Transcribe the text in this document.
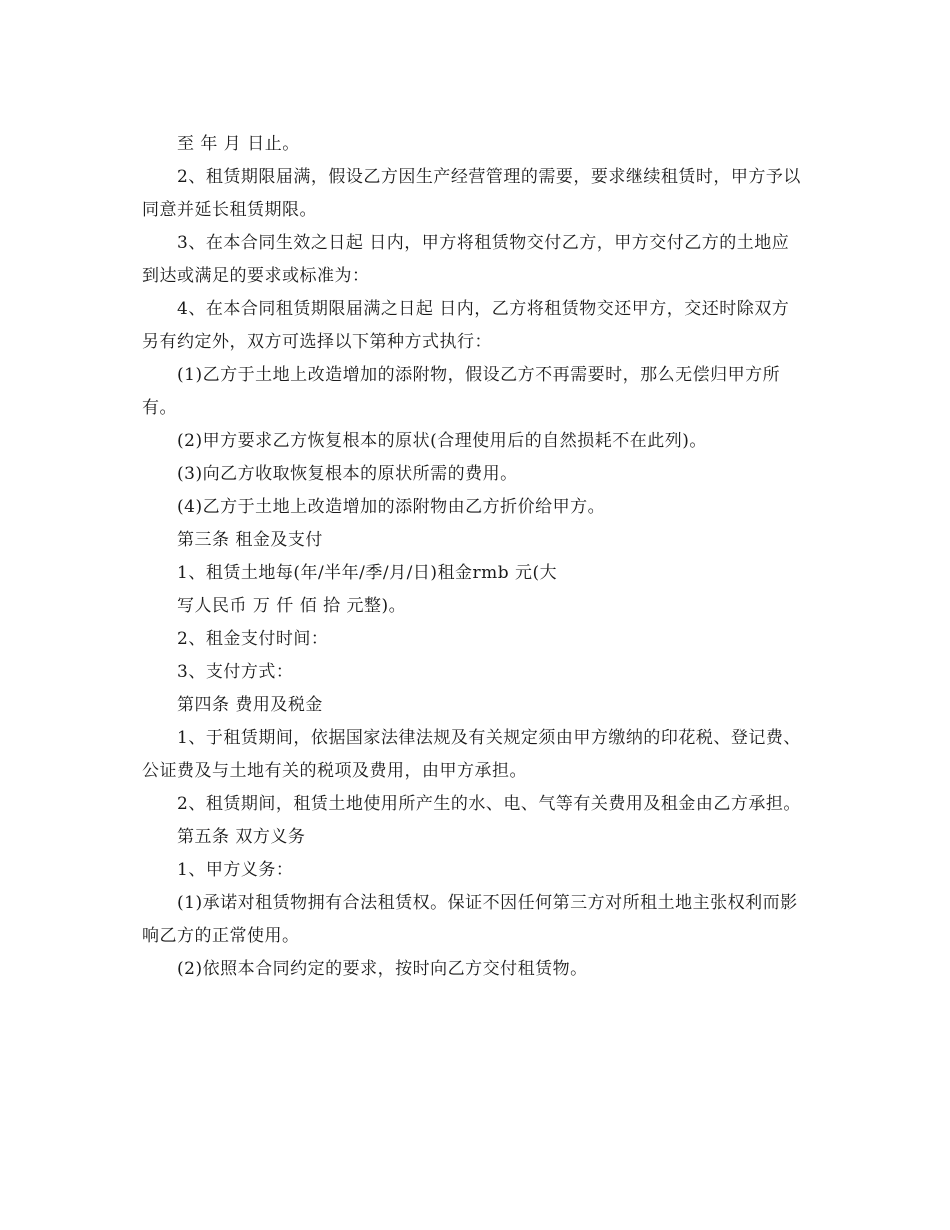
至 年 月 日止。

2、租赁期限届满，假设乙方因生产经营管理的需要，要求继续租赁时，甲方予以同意并延长租赁期限。

3、在本合同生效之日起 日内，甲方将租赁物交付乙方，甲方交付乙方的土地应到达或满足的要求或标准为：

4、在本合同租赁期限届满之日起 日内，乙方将租赁物交还甲方，交还时除双方另有约定外，双方可选择以下第种方式执行：

(1)乙方于土地上改造增加的添附物，假设乙方不再需要时，那么无偿归甲方所有。

(2)甲方要求乙方恢复根本的原状(合理使用后的自然损耗不在此列)。

(3)向乙方收取恢复根本的原状所需的费用。

(4)乙方于土地上改造增加的添附物由乙方折价给甲方。

第三条 租金及支付

1、租赁土地每(年/半年/季/月/日)租金rmb 元(大

写人民币 万 仟 佰 拾 元整)。

2、租金支付时间：

3、支付方式：

第四条 费用及税金

1、于租赁期间，依据国家法律法规及有关规定须由甲方缴纳的印花税、登记费、公证费及与土地有关的税项及费用，由甲方承担。

2、租赁期间，租赁土地使用所产生的水、电、气等有关费用及租金由乙方承担。

第五条 双方义务

1、甲方义务：

(1)承诺对租赁物拥有合法租赁权。保证不因任何第三方对所租土地主张权利而影响乙方的正常使用。

(2)依照本合同约定的要求，按时向乙方交付租赁物。
